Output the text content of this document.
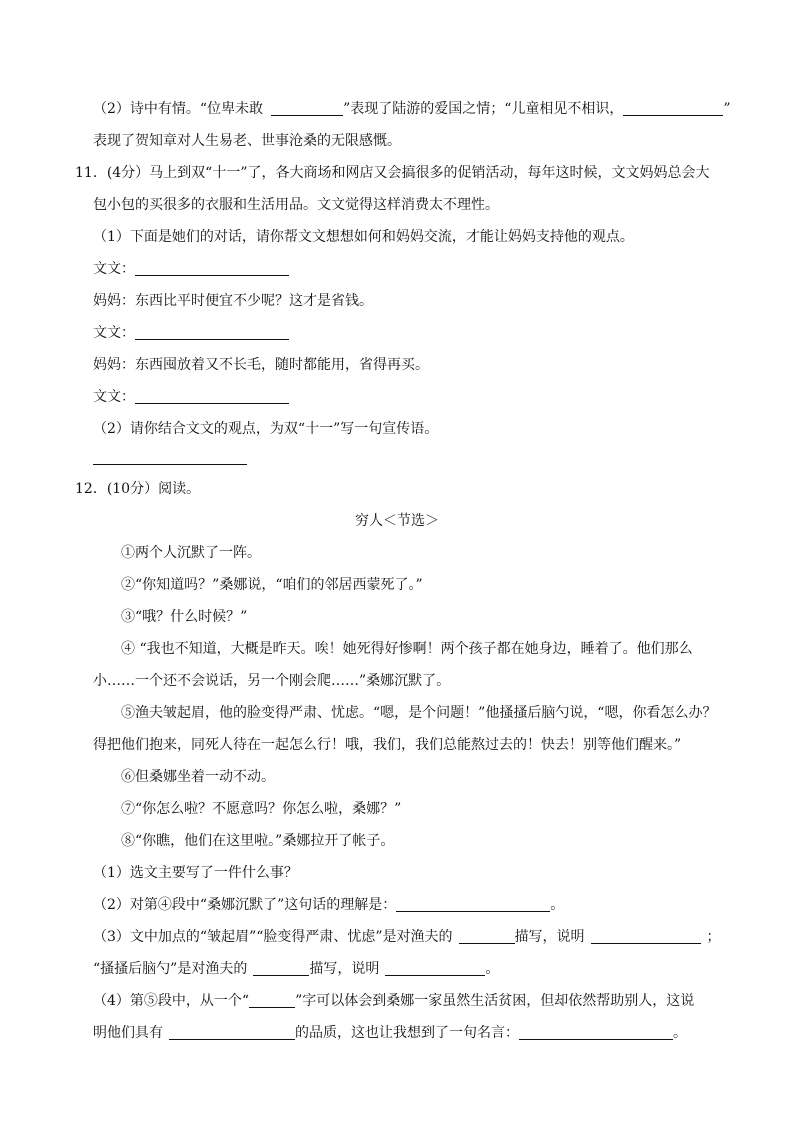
（2）诗中有情。“位卑未敢	”表现了陆游的爱国之情；“儿童相见不相识，	”
表现了贺知章对人生易老、世事沧桑的无限感慨。
11．(4分）马上到双“十一”了，各大商场和网店又会搞很多的促销活动，每年这时候，文文妈妈总会大
包小包的买很多的衣服和生活用品。文文觉得这样消费太不理性。
（1）下面是她们的对话，请你帮文文想想如何和妈妈交流，才能让妈妈支持他的观点。
文文：
妈妈：东西比平时便宜不少呢？这才是省钱。
文文：
妈妈：东西囤放着又不长毛，随时都能用，省得再买。
文文：
（2）请你结合文文的观点，为双“十一”写一句宣传语。
12．(10分）阅读。
穷人＜节选＞
①两个人沉默了一阵。
②“你知道吗？”桑娜说，“咱们的邻居西蒙死了。”
③“哦？什么时候？”
④ “我也不知道，大概是昨天。唉！她死得好惨啊！两个孩子都在她身边，睡着了。他们那么
小……一个还不会说话，另一个刚会爬……”桑娜沉默了。
⑤渔夫皱起眉，他的脸变得严肃、忧虑。“嗯，是个问题！”他搔搔后脑勺说，“嗯，你看怎么办？
得把他们抱来，同死人待在一起怎么行！哦，我们，我们总能熬过去的！快去！别等他们醒来。”
⑥但桑娜坐着一动不动。
⑦“你怎么啦？不愿意吗？你怎么啦，桑娜？”
⑧“你瞧，他们在这里啦。”桑娜拉开了帐子。
（1）选文主要写了一件什么事？
（2）对第④段中“桑娜沉默了”这句话的理解是：	。
（3）文中加点的“皱起眉”“脸变得严肃、忧虑”是对渔夫的	描写，说明	；
“搔搔后脑勺”是对渔夫的	描写，说明	。
（4）第⑤段中，从一个“	”字可以体会到桑娜一家虽然生活贫困，但却依然帮助别人，这说
明他们具有	的品质，这也让我想到了一句名言：	。
